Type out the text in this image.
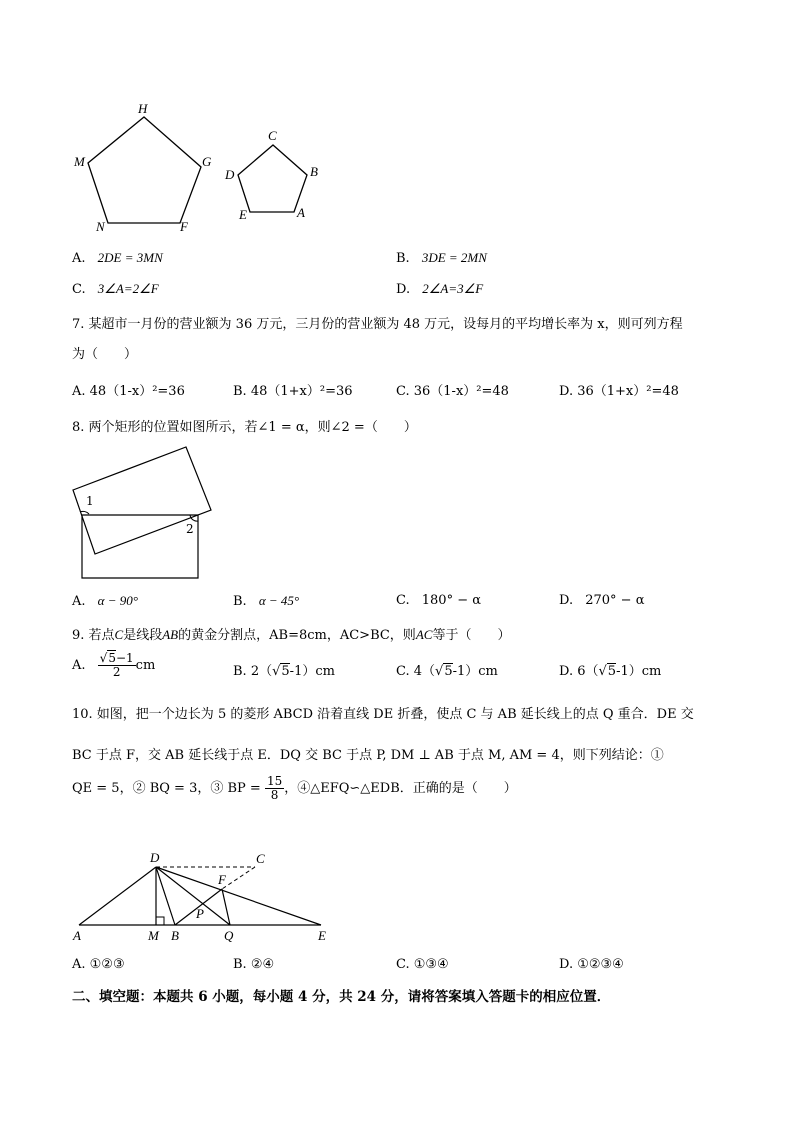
H
M	G
N	F
C
D	B
E	A
A. 2DE = 3MN	B. 3DE = 2MN
C. 3∠A=2∠F	D. 2∠A=3∠F
7. 某超市一月份的营业额为 36 万元，三月份的营业额为 48 万元，设每月的平均增长率为 x，则可列方程
为（　　）
A. 48（1-x）²=36	B. 48（1+x）²=36	C. 36（1-x）²=48	D. 36（1+x）²=48
8. 两个矩形的位置如图所示，若∠1 = α，则∠2 =（　　）
1
2
A. α − 90°	B. α − 45°	C. 180° − α	D. 270° − α
9. 若点C是线段AB的黄金分割点，AB=8cm，AC>BC，则AC等于（　　）
A. $\frac{√5-1}{2}$ cm	B. 2（√5-1）cm	C. 4（√5-1）cm	D. 6（√5-1）cm
10. 如图，把一个边长为 5 的菱形 ABCD 沿着直线 DE 折叠，使点 C 与 AB 延长线上的点 Q 重合．DE 交
BC 于点 F，交 AB 延长线于点 E．DQ 交 BC 于点 P, DM ⊥ AB 于点 M, AM = 4，则下列结论：①
QE = 5，② BQ = 3，③ BP = $\frac{15}{8}$ ，④△EFQ∽△EDB．正确的是（　　）
D	C
F
P
A	M B	Q	E
A. ①②③	B. ②④	C. ①③④	D. ①②③④
二、填空题：本题共 6 小题，每小题 4 分，共 24 分，请将答案填入答题卡的相应位置．
